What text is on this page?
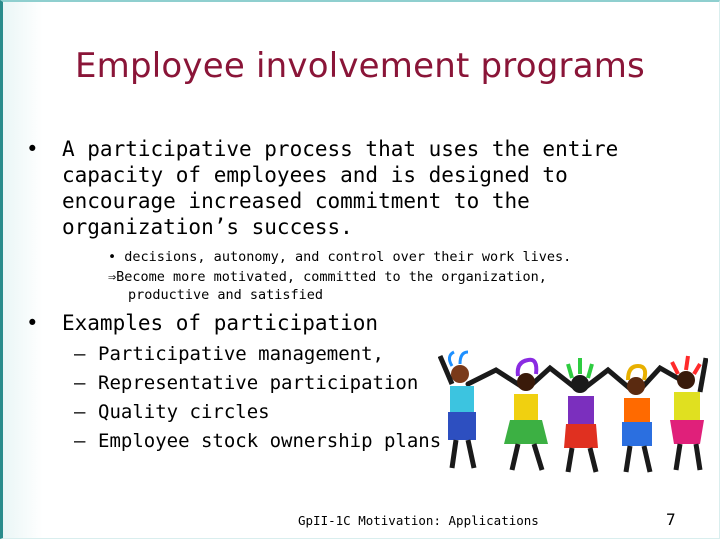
Employee involvement programs
•	A participative process that uses the entire capacity of employees and is designed to encourage increased commitment to the organization’s success.
• decisions, autonomy, and control over their work lives.
⇒Become more motivated, committed to the organization,
productive and satisfied
•	Examples of participation
– Participative management,
– Representative participation
– Quality circles
– Employee stock ownership plans
GpII-1C Motivation: Applications	7
